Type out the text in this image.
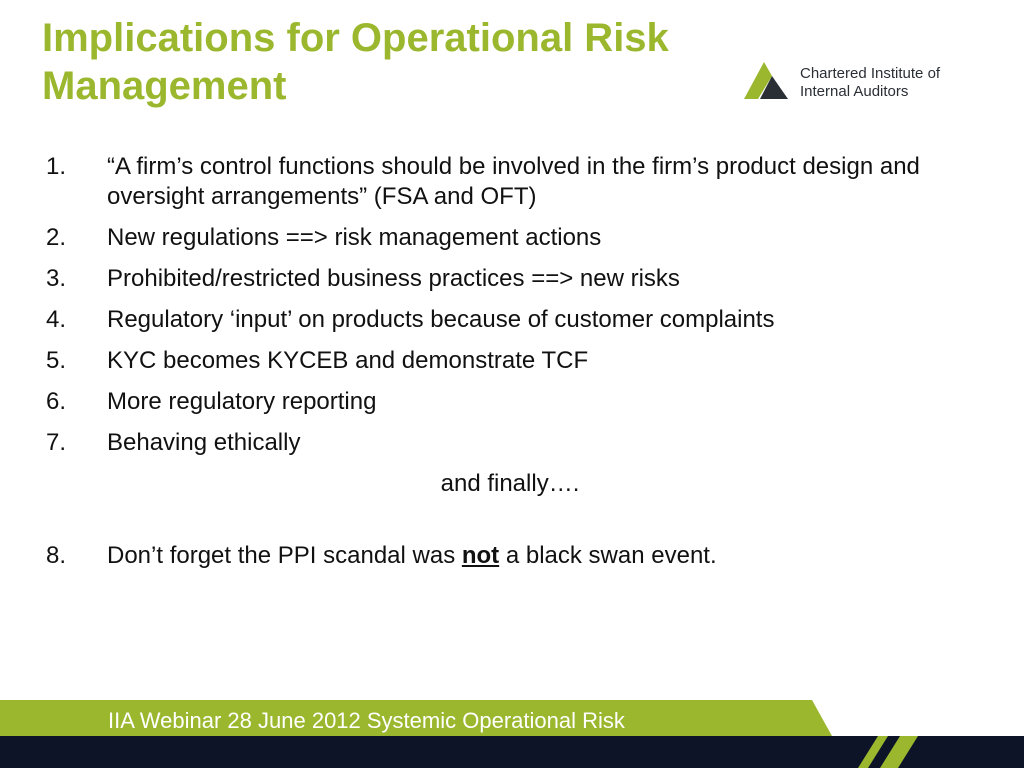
Implications for Operational Risk
Management	Chartered Institute of
Internal Auditors
1. “A firm’s control functions should be involved in the firm’s product design and oversight arrangements” (FSA and OFT)
2. New regulations ==> risk management actions
3. Prohibited/restricted business practices ==> new risks
4. Regulatory ‘input’ on products because of customer complaints
5. KYC becomes KYCEB and demonstrate TCF
6. More regulatory reporting
7. Behaving ethically
and finally….
8. Don’t forget the PPI scandal was not a black swan event.
IIA Webinar 28 June 2012 Systemic Operational Risk
